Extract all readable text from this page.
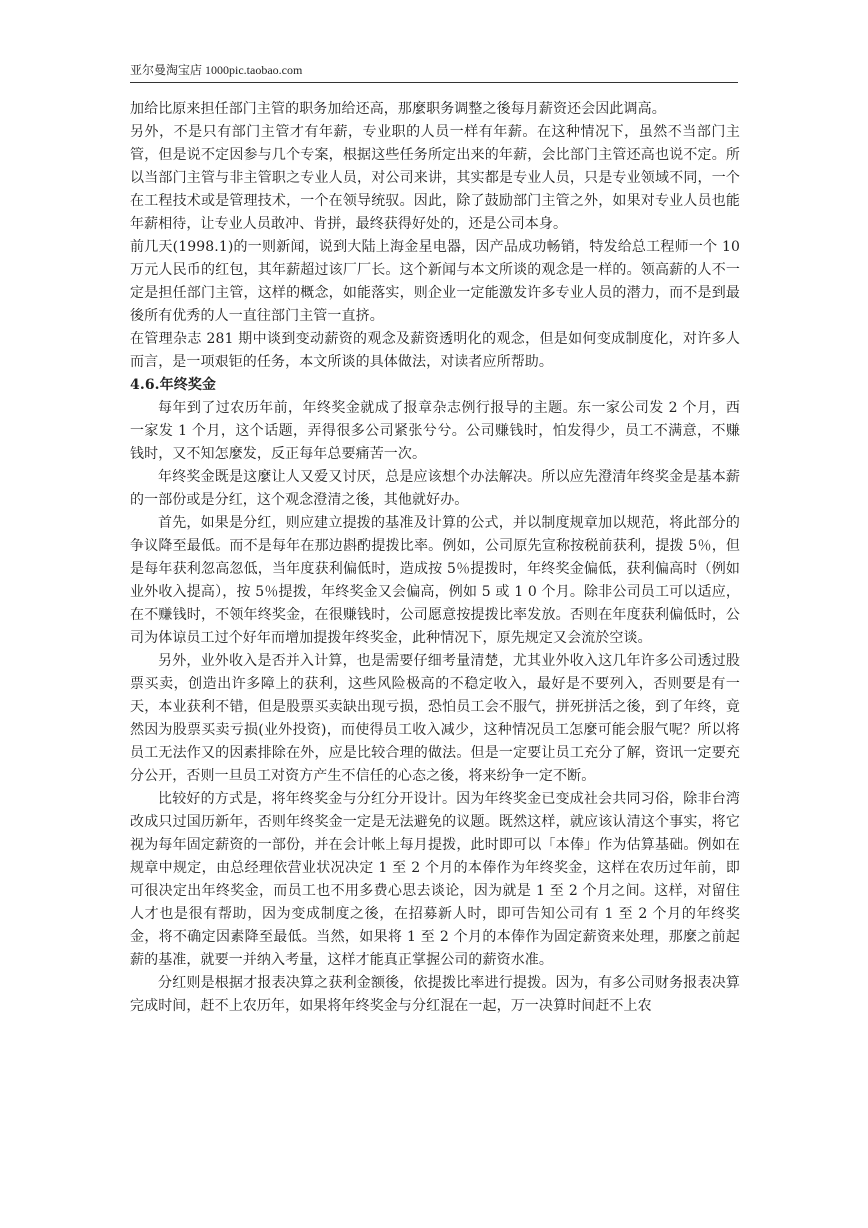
亚尔曼淘宝店 1000pic.taobao.com

加给比原来担任部门主管的职务加给还高，那麼职务调整之後每月薪资还会因此调高。

另外，不是只有部门主管才有年薪，专业职的人员一样有年薪。在这种情况下，虽然不当部门主管，但是说不定因参与几个专案，根据这些任务所定出来的年薪，会比部门主管还高也说不定。所以当部门主管与非主管职之专业人员，对公司来讲，其实都是专业人员，只是专业领域不同，一个在工程技术或是管理技术，一个在领导统驭。因此，除了鼓励部门主管之外，如果对专业人员也能年薪相待，让专业人员敢冲、肯拼，最终获得好处的，还是公司本身。

前几天(1998.1)的一则新闻，说到大陆上海金星电器，因产品成功畅销，特发给总工程师一个 10 万元人民币的红包，其年薪超过该厂厂长。这个新闻与本文所谈的观念是一样的。领高薪的人不一定是担任部门主管，这样的概念，如能落实，则企业一定能激发许多专业人员的潜力，而不是到最後所有优秀的人一直往部门主管一直挤。

在管理杂志 281 期中谈到变动薪资的观念及薪资透明化的观念，但是如何变成制度化，对许多人而言，是一项艰钜的任务，本文所谈的具体做法，对读者应所帮助。

4.6.年终奖金

每年到了过农历年前，年终奖金就成了报章杂志例行报导的主题。东一家公司发 2 个月，西一家发 1 个月，这个话题，弄得很多公司紧张兮兮。公司赚钱时，怕发得少，员工不满意，不赚钱时，又不知怎麼发，反正每年总要痛苦一次。

年终奖金既是这麼让人又爱又讨厌，总是应该想个办法解决。所以应先澄清年终奖金是基本薪的一部份或是分红，这个观念澄清之後，其他就好办。

首先，如果是分红，则应建立提拨的基准及计算的公式，并以制度规章加以规范，将此部分的争议降至最低。而不是每年在那边斟酌提拨比率。例如，公司原先宣称按税前获利，提拨 5％，但是每年获利忽高忽低，当年度获利偏低时，造成按 5％提拨时，年终奖金偏低，获利偏高时（例如业外收入提高），按 5％提拨，年终奖金又会偏高，例如 5 或 1 0 个月。除非公司员工可以适应，在不赚钱时，不领年终奖金，在很赚钱时，公司愿意按提拨比率发放。否则在年度获利偏低时，公司为体谅员工过个好年而增加提拨年终奖金，此种情况下，原先规定又会流於空谈。

另外，业外收入是否并入计算，也是需要仔细考量清楚，尤其业外收入这几年许多公司透过股票买卖，创造出许多障上的获利，这些风险极高的不稳定收入，最好是不要列入，否则要是有一天，本业获利不错，但是股票买卖缺出现亏损，恐怕员工会不服气，拼死拼活之後，到了年终，竟然因为股票买卖亏损(业外投资)，而使得员工收入减少，这种情况员工怎麼可能会服气呢？所以将员工无法作又的因素排除在外，应是比较合理的做法。但是一定要让员工充分了解，资讯一定要充分公开，否则一旦员工对资方产生不信任的心态之後，将来纷争一定不断。

比较好的方式是，将年终奖金与分红分开设计。因为年终奖金已变成社会共同习俗，除非台湾改成只过国历新年，否则年终奖金一定是无法避免的议题。既然这样，就应该认清这个事实，将它视为每年固定薪资的一部份，并在会计帐上每月提拨，此时即可以「本俸」作为估算基础。例如在规章中规定，由总经理依营业状况决定 1 至 2 个月的本俸作为年终奖金，这样在农历过年前，即可很决定出年终奖金，而员工也不用多费心思去谈论，因为就是 1 至 2 个月之间。这样，对留住人才也是很有帮助，因为变成制度之後，在招募新人时，即可告知公司有 1 至 2 个月的年终奖金，将不确定因素降至最低。当然，如果将 1 至 2 个月的本俸作为固定薪资来处理，那麼之前起薪的基准，就要一并纳入考量，这样才能真正掌握公司的薪资水准。

分红则是根据才报表决算之获利金额後，依提拨比率进行提拨。因为，有多公司财务报表决算完成时间，赶不上农历年，如果将年终奖金与分红混在一起，万一决算时间赶不上农
